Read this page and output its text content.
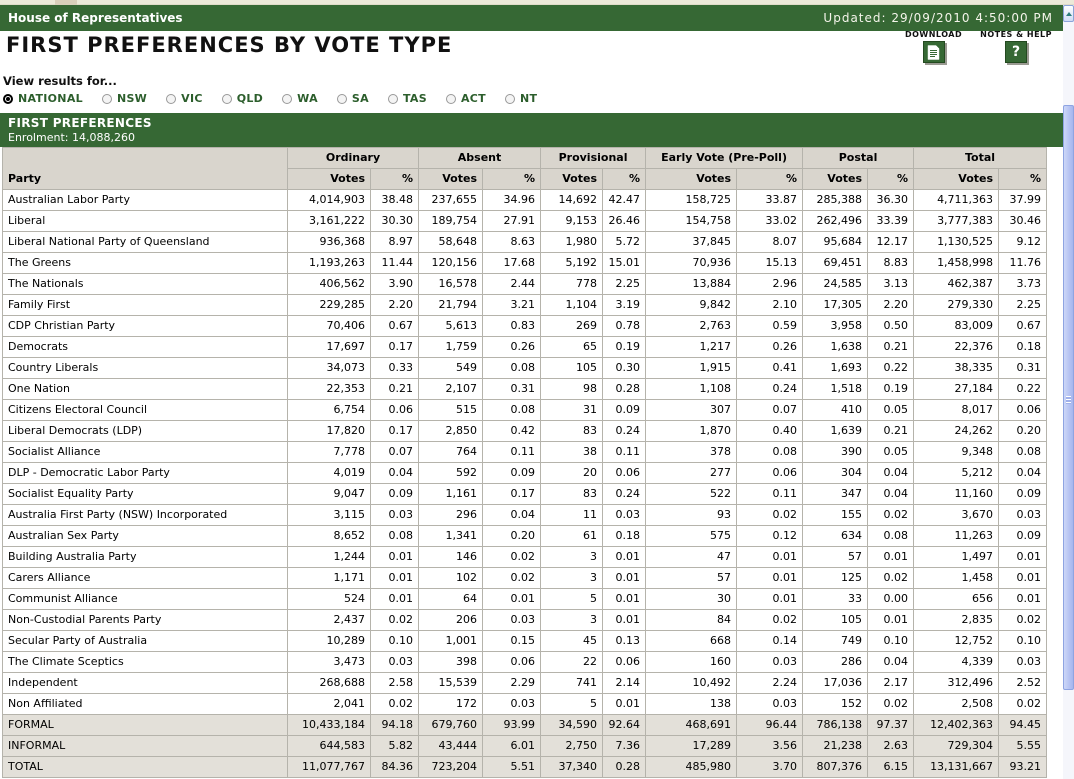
House of Representatives	Updated: 29/09/2010 4:50:00 PM
FIRST PREFERENCES BY VOTE TYPE	DOWNLOAD NOTES & HELP
?
View results for...
NATIONAL	NSW	VIC	QLD	WA	SA	TAS	ACT	NT
FIRST PREFERENCES
Enrolment: 14,088,260
Party	Ordinary		Absent		Provisional		Early Vote (Pre-Poll)		Postal		Total	
	Votes	%	Votes	%	Votes	%	Votes	%	Votes	%	Votes	%
Australian Labor Party	4,014,903	38.48	237,655	34.96	14,692	42.47	158,725	33.87	285,388	36.30	4,711,363	37.99
Liberal	3,161,222	30.30	189,754	27.91	9,153	26.46	154,758	33.02	262,496	33.39	3,777,383	30.46
Liberal National Party of Queensland	936,368	8.97	58,648	8.63	1,980	5.72	37,845	8.07	95,684	12.17	1,130,525	9.12
The Greens	1,193,263	11.44	120,156	17.68	5,192	15.01	70,936	15.13	69,451	8.83	1,458,998	11.76
The Nationals	406,562	3.90	16,578	2.44	778	2.25	13,884	2.96	24,585	3.13	462,387	3.73
Family First	229,285	2.20	21,794	3.21	1,104	3.19	9,842	2.10	17,305	2.20	279,330	2.25
CDP Christian Party	70,406	0.67	5,613	0.83	269	0.78	2,763	0.59	3,958	0.50	83,009	0.67
Democrats	17,697	0.17	1,759	0.26	65	0.19	1,217	0.26	1,638	0.21	22,376	0.18
Country Liberals	34,073	0.33	549	0.08	105	0.30	1,915	0.41	1,693	0.22	38,335	0.31
One Nation	22,353	0.21	2,107	0.31	98	0.28	1,108	0.24	1,518	0.19	27,184	0.22
Citizens Electoral Council	6,754	0.06	515	0.08	31	0.09	307	0.07	410	0.05	8,017	0.06
Liberal Democrats (LDP)	17,820	0.17	2,850	0.42	83	0.24	1,870	0.40	1,639	0.21	24,262	0.20
Socialist Alliance	7,778	0.07	764	0.11	38	0.11	378	0.08	390	0.05	9,348	0.08
DLP - Democratic Labor Party	4,019	0.04	592	0.09	20	0.06	277	0.06	304	0.04	5,212	0.04
Socialist Equality Party	9,047	0.09	1,161	0.17	83	0.24	522	0.11	347	0.04	11,160	0.09
Australia First Party (NSW) Incorporated	3,115	0.03	296	0.04	11	0.03	93	0.02	155	0.02	3,670	0.03
Australian Sex Party	8,652	0.08	1,341	0.20	61	0.18	575	0.12	634	0.08	11,263	0.09
Building Australia Party	1,244	0.01	146	0.02	3	0.01	47	0.01	57	0.01	1,497	0.01
Carers Alliance	1,171	0.01	102	0.02	3	0.01	57	0.01	125	0.02	1,458	0.01
Communist Alliance	524	0.01	64	0.01	5	0.01	30	0.01	33	0.00	656	0.01
Non-Custodial Parents Party	2,437	0.02	206	0.03	3	0.01	84	0.02	105	0.01	2,835	0.02
Secular Party of Australia	10,289	0.10	1,001	0.15	45	0.13	668	0.14	749	0.10	12,752	0.10
The Climate Sceptics	3,473	0.03	398	0.06	22	0.06	160	0.03	286	0.04	4,339	0.03
Independent	268,688	2.58	15,539	2.29	741	2.14	10,492	2.24	17,036	2.17	312,496	2.52
Non Affiliated	2,041	0.02	172	0.03	5	0.01	138	0.03	152	0.02	2,508	0.02
FORMAL	10,433,184	94.18	679,760	93.99	34,590	92.64	468,691	96.44	786,138	97.37	12,402,363	94.45
INFORMAL	644,583	5.82	43,444	6.01	2,750	7.36	17,289	3.56	21,238	2.63	729,304	5.55
TOTAL	11,077,767	84.36	723,204	5.51	37,340	0.28	485,980	3.70	807,376	6.15	13,131,667	93.21
